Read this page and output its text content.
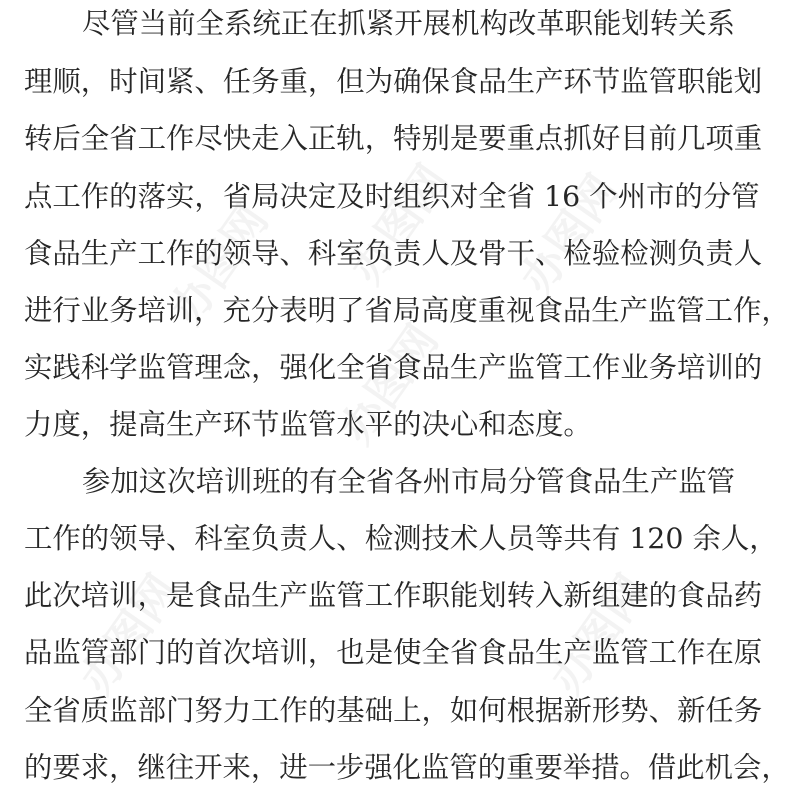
办图网 办图网 办图网
办图网
办图网	办图网
尽管当前全系统正在抓紧开展机构改革职能划转关系
理顺，时间紧、任务重，但为确保食品生产环节监管职能划
转后全省工作尽快走入正轨，特别是要重点抓好目前几项重
点工作的落实，省局决定及时组织对全省 16 个州市的分管
食品生产工作的领导、科室负责人及骨干、检验检测负责人
进行业务培训，充分表明了省局高度重视食品生产监管工作，
实践科学监管理念，强化全省食品生产监管工作业务培训的
力度，提高生产环节监管水平的决心和态度。
参加这次培训班的有全省各州市局分管食品生产监管
工作的领导、科室负责人、检测技术人员等共有 120 余人，
此次培训，是食品生产监管工作职能划转入新组建的食品药
品监管部门的首次培训，也是使全省食品生产监管工作在原
全省质监部门努力工作的基础上，如何根据新形势、新任务
的要求，继往开来，进一步强化监管的重要举措。借此机会，
